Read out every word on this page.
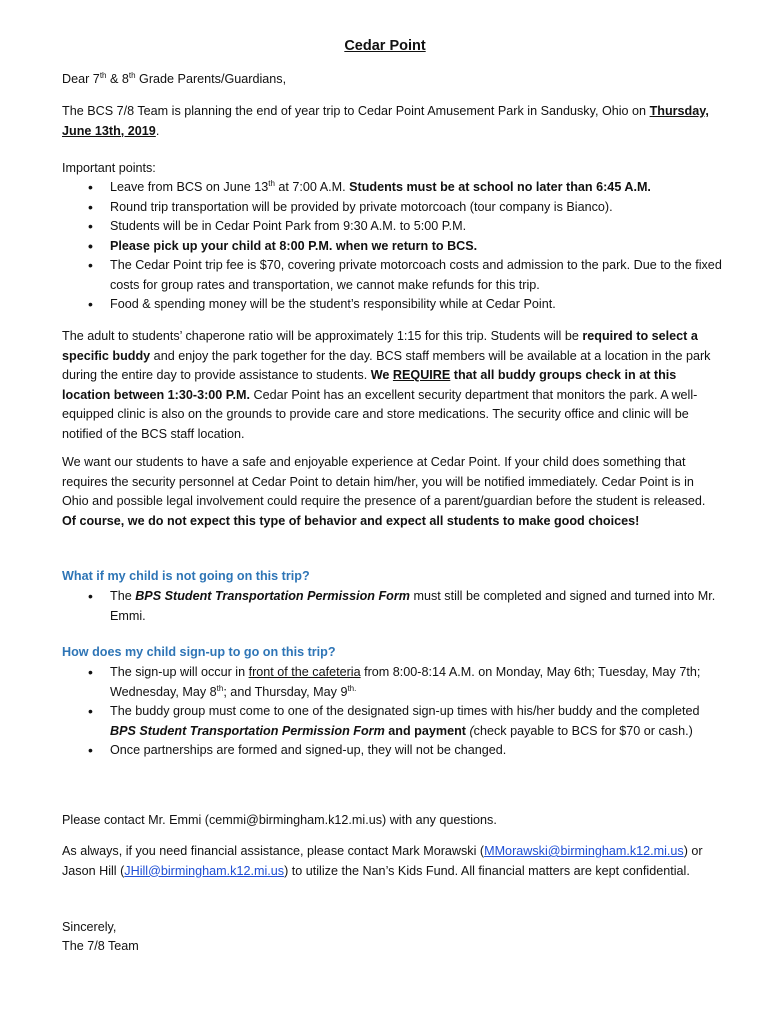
Cedar Point

Dear 7th & 8th Grade Parents/Guardians,

The BCS 7/8 Team is planning the end of year trip to Cedar Point Amusement Park in Sandusky, Ohio on Thursday, June 13th, 2019.

Important points:

• Leave from BCS on June 13th at 7:00 A.M. Students must be at school no later than 6:45 A.M.
• Round trip transportation will be provided by private motorcoach (tour company is Bianco).
• Students will be in Cedar Point Park from 9:30 A.M. to 5:00 P.M.
• Please pick up your child at 8:00 P.M. when we return to BCS.
• The Cedar Point trip fee is $70, covering private motorcoach costs and admission to the park. Due to the fixed costs for group rates and transportation, we cannot make refunds for this trip.
• Food & spending money will be the student’s responsibility while at Cedar Point.

The adult to students’ chaperone ratio will be approximately 1:15 for this trip. Students will be required to select a specific buddy and enjoy the park together for the day. BCS staff members will be available at a location in the park during the entire day to provide assistance to students. We REQUIRE that all buddy groups check in at this location between 1:30-3:00 P.M. Cedar Point has an excellent security department that monitors the park. A well-equipped clinic is also on the grounds to provide care and store medications. The security office and clinic will be notified of the BCS staff location.

We want our students to have a safe and enjoyable experience at Cedar Point. If your child does something that requires the security personnel at Cedar Point to detain him/her, you will be notified immediately. Cedar Point is in Ohio and possible legal involvement could require the presence of a parent/guardian before the student is released. Of course, we do not expect this type of behavior and expect all students to make good choices!

What if my child is not going on this trip?

• The BPS Student Transportation Permission Form must still be completed and signed and turned into Mr. Emmi.

How does my child sign-up to go on this trip?

• The sign-up will occur in front of the cafeteria from 8:00-8:14 A.M. on Monday, May 6th; Tuesday, May 7th; Wednesday, May 8th; and Thursday, May $9^{th.}$
• The buddy group must come to one of the designated sign-up times with his/her buddy and the completed BPS Student Transportation Permission Form and payment (check payable to BCS for $70 or cash.)
• Once partnerships are formed and signed-up, they will not be changed.

Please contact Mr. Emmi (cemmi@birmingham.k12.mi.us) with any questions.

As always, if you need financial assistance, please contact Mark Morawski (MMorawski@birmingham.k12.mi.us) or Jason Hill (JHill@birmingham.k12.mi.us) to utilize the Nan’s Kids Fund. All financial matters are kept confidential.

Sincerely,

The 7/8 Team
